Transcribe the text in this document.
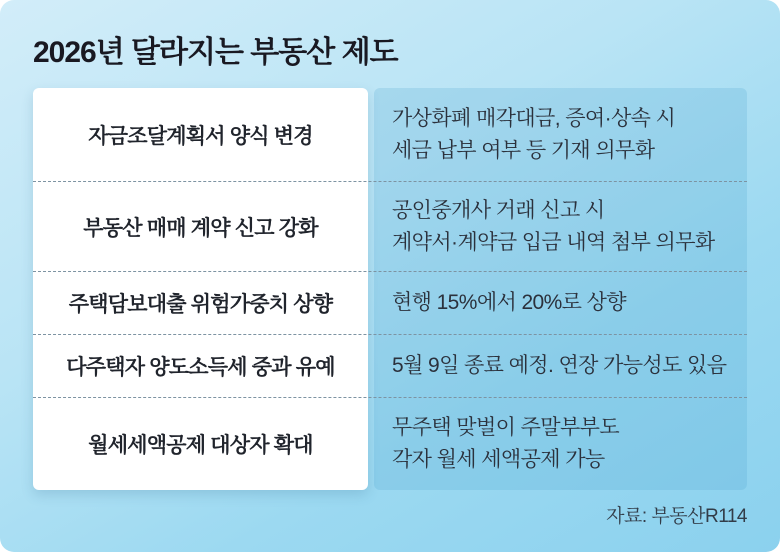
2026년 달라지는 부동산 제도
자금조달계획서 양식 변경
가상화폐 매각대금, 증여·상속 시
세금 납부 여부 등 기재 의무화
부동산 매매 계약 신고 강화
공인중개사 거래 신고 시
계약서·계약금 입금 내역 첨부 의무화
주택담보대출 위험가중치 상향	현행 15%에서 20%로 상향
다주택자 양도소득세 중과 유예	5월 9일 종료 예정. 연장 가능성도 있음
월세세액공제 대상자 확대
무주택 맞벌이 주말부부도
각자 월세 세액공제 가능
자료: 부동산R114
